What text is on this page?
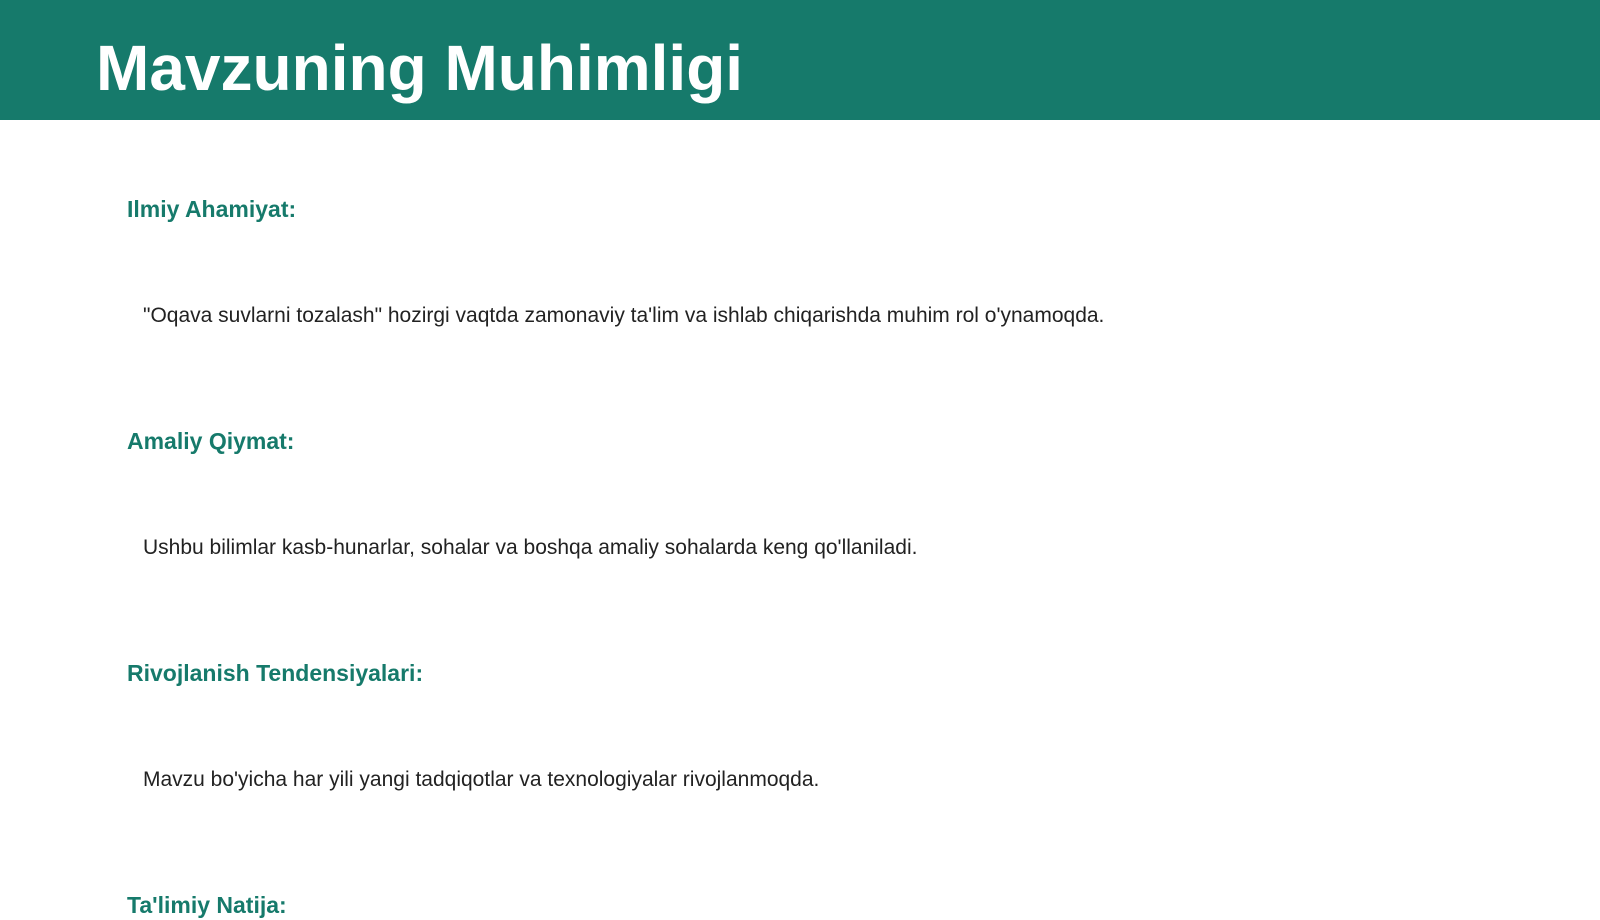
Mavzuning Muhimligi
Ilmiy Ahamiyat:

"Oqava suvlarni tozalash" hozirgi vaqtda zamonaviy ta'lim va ishlab chiqarishda muhim rol o'ynamoqda.

Amaliy Qiymat:

Ushbu bilimlar kasb-hunarlar, sohalar va boshqa amaliy sohalarda keng qo'llaniladi.

Rivojlanish Tendensiyalari:

Mavzu bo'yicha har yili yangi tadqiqotlar va texnologiyalar rivojlanmoqda.

Ta'limiy Natija:
